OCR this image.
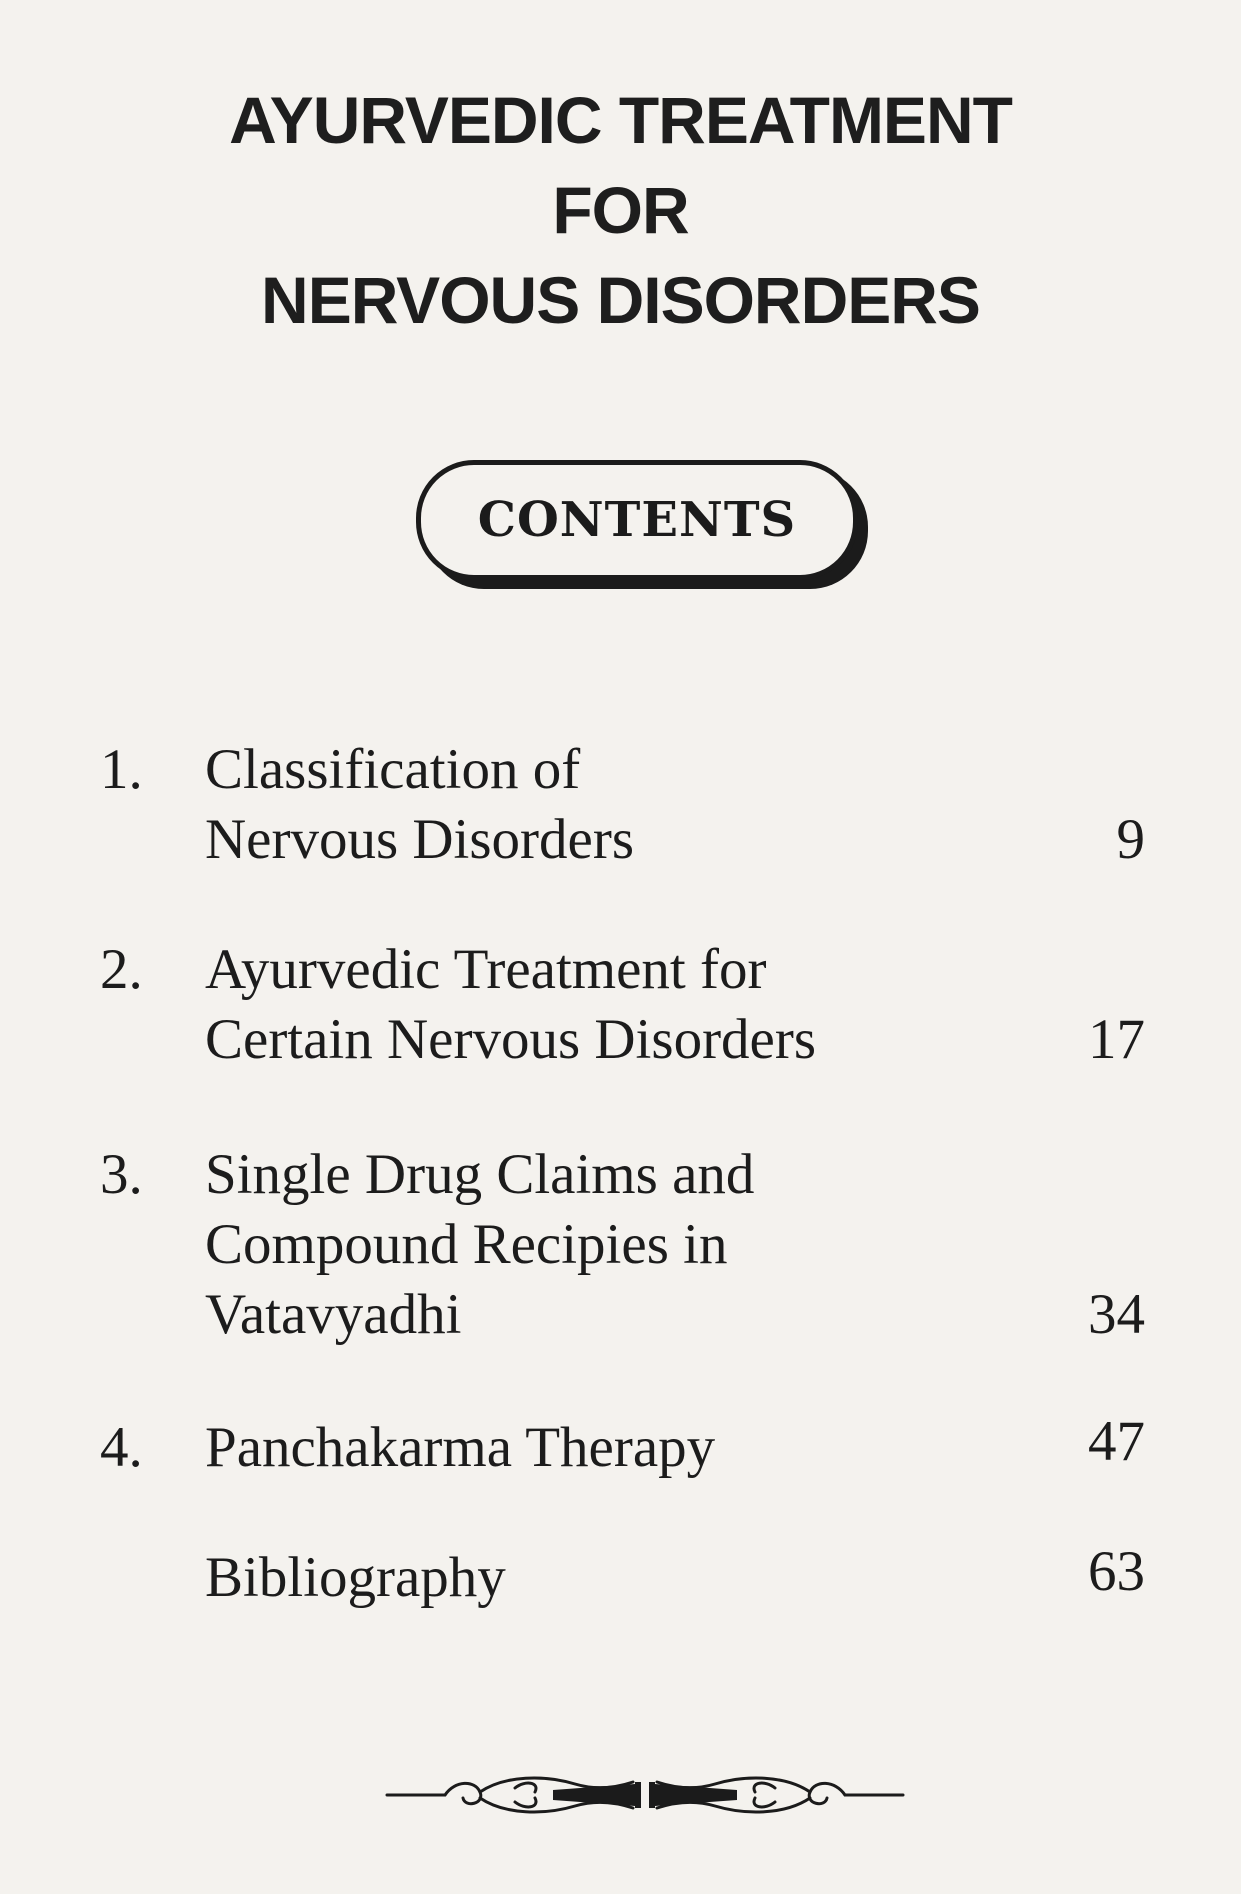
AYURVEDIC TREATMENT
FOR
NERVOUS DISORDERS
CONTENTS
1. Classification of
Nervous Disorders	9
2. Ayurvedic Treatment for
Certain Nervous Disorders	17
3. Single Drug Claims and
Compound Recipies in
Vatavyadhi	34
4. Panchakarma Therapy	47
Bibliography	63
